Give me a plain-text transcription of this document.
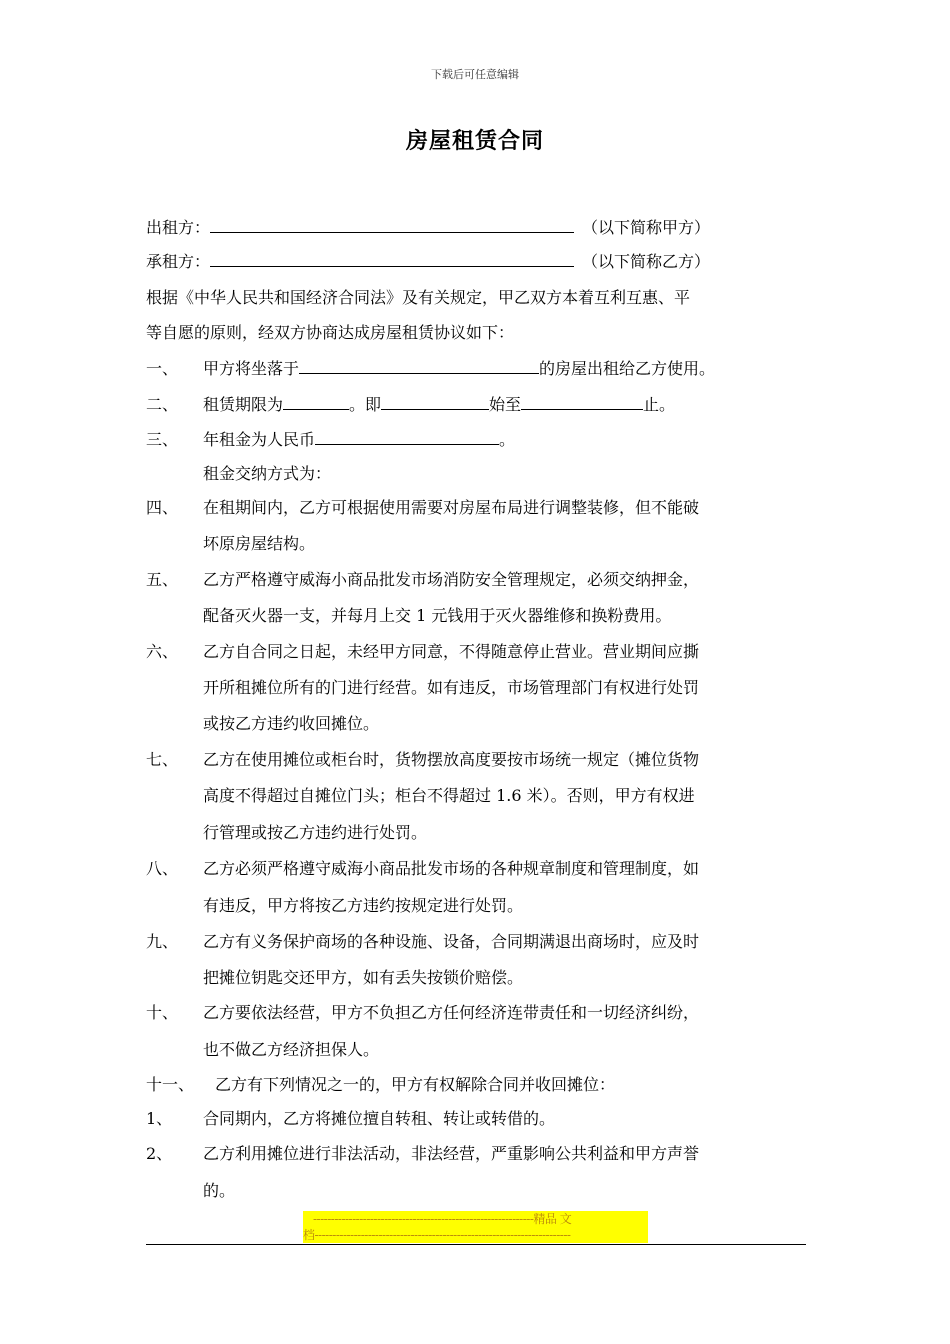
下载后可任意编辑
房屋租赁合同
出租方：	（以下简称甲方）
承租方：	（以下简称乙方）
根据《中华人民共和国经济合同法》及有关规定，甲乙双方本着互利互惠、平
等自愿的原则，经双方协商达成房屋租赁协议如下：
一、 甲方将坐落于	的房屋出租给乙方使用。
二、 租赁期限为	。即	始至	止。
三、 年租金为人民币	。
租金交纳方式为：
四、 在租期间内，乙方可根据使用需要对房屋布局进行调整装修，但不能破
坏原房屋结构。
五、 乙方严格遵守威海小商品批发市场消防安全管理规定，必须交纳押金，
配备灭火器一支，并每月上交 1 元钱用于灭火器维修和换粉费用。
六、 乙方自合同之日起，未经甲方同意，不得随意停止营业。营业期间应撕
开所租摊位所有的门进行经营。如有违反，市场管理部门有权进行处罚
或按乙方违约收回摊位。
七、 乙方在使用摊位或柜台时，货物摆放高度要按市场统一规定（摊位货物
高度不得超过自摊位门头；柜台不得超过 1.6 米）。否则，甲方有权进
行管理或按乙方违约进行处罚。
八、 乙方必须严格遵守威海小商品批发市场的各种规章制度和管理制度，如
有违反，甲方将按乙方违约按规定进行处罚。
九、 乙方有义务保护商场的各种设施、设备，合同期满退出商场时，应及时
把摊位钥匙交还甲方，如有丢失按锁价赔偿。
十、 乙方要依法经营，甲方不负担乙方任何经济连带责任和一切经济纠纷，
也不做乙方经济担保人。
十一、 乙方有下列情况之一的，甲方有权解除合同并收回摊位：
1、 合同期内，乙方将摊位擅自转租、转让或转借的。
2、 乙方利用摊位进行非法活动，非法经营，严重影响公共利益和甲方声誉
的。
--------------------------------------------------------------精品 文
档------------------------------------------------------------------------
